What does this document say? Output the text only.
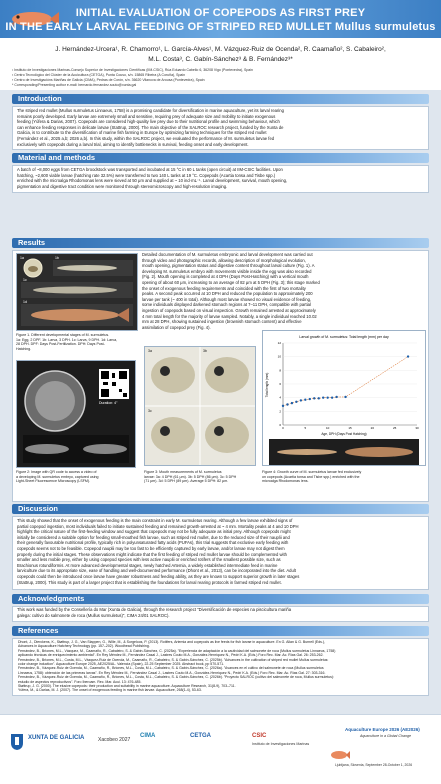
INITIAL EVALUATION OF COPEPODS AS FIRST PREY
IN THE EARLY LARVAL FEEDING OF STRIPED RED MULLET Mullus surmuletus
J. Hernández-Urcera¹, R. Chamorro¹, L. García-Alves¹, M. Vázquez-Ruiz de Ocenda², R. Caamaño², S. Cabaleiro²,
M.L. Costa³, C. Gabín-Sánchez³ & B. Fernández³*
¹ Instituto de Investigaciones Marinas-Consejo Superior de Investigaciones Científicas (IIM-CSIC), Rúa Eduardo Cabello 6, 36208 Vigo (Pontevedra), Spain
² Centro Tecnológico del Clúster de la Acuicultura (CETGA), Punta Couso, s/n. 15865 Ribeira (A Coruña), Spain
³ Centro de Investigacións Mariñas de Galicia (CIMA), Pedras de Corón, s/n. 36620 Vilanova de Arousa (Pontevedra), Spain
* Corresponding/Presenting author e-mail: bernardo.fernandez.souto@xunta.gal
Introduction
The striped red mullet (Mullus surmuletus Linnaeus, 1758) is a promising candidate for diversification in marine aquaculture, yet its larval rearing
remains poorly developed. Early larvae are extremely small and sensitive, requiring prey of adequate size and mobility to initiate exogenous
feeding (Yúfera & Darias, 2007). Copepods are considered high-quality live prey due to their nutritional profile and swimming behaviour, which
can enhance feeding responses in delicate larvae (Stattrup, 2000). The main objective of the SALROC research project, funded by the Xunta de
Galicia, is to contribute to the diversification of marine fish farming in Europe by optimizing farming techniques for the striped red mullet
(Fernández et al., 2025 a,b; 2026 a,b). In this study, within the SALROC project, we evaluated the performance of M. surmuletus larvae fed
exclusively with copepods during a larval trial, aiming to identify bottlenecks in survival, feeding onset and early development.
Material and methods
A batch of ~8,000 eggs from CETGA broodstock was transported and incubated at 15 °C in 60 L tanks (open circuit) at IIM-CSIC facilities. Upon
hatching, ~2,600 viable larvae (hatching rate 32.5%) were transferred to two 140 L tanks at 19 °C. Copepods (Acartia tonsa and Tisbe spp.)
enriched with the microalga Rhodomonas lens were sieved at 50 μm and supplied at ~ 10 ind·mL⁻¹. Larval development, survival, mouth opening,
pigmentation and digestive tract condition were monitored through stereomicroscopy and high-resolution imaging.
Results
1a	1b
1c
1d
Figure 1. Different developmental stages of M. surmuletus.
1a: Egg, 2 DPF. 1b: Larva, 3 DPH. 1c: Larva, 9 DPH. 1d: Larva,
28 DPH. DPF: Days Post-Fertilization. DPH: Days Post-
Hatching.
Detailed documentation of M. surmuletus embryonic and larval development was carried out
through video and photographic records, allowing description of morphological evolution,
mouth opening, pigmentation status and digestive content throughout larval culture (Fig. 1). A
developing M. surmuletus embryo with movements visible inside the egg was also recorded
(Fig. 2). Mouth opening is completed at 4 DPH (Days Post-Hatching) with a vertical mouth
opening of about 60 μm, increasing to an average of 82 μm at 5 DPH (Fig. 3); this stage marked
the onset of exogenous feeding requirements and coincided with the first of two mortality
peaks. A second peak occurred at 10 DPH and reduced the population to approximately 200
larvae per tank (~ 400 in total). Although most larvae showed no visual evidence of feeding,
some individuals displayed darkened stomach regions at 7–11 DPH, compatible with partial
ingestion of copepods based on visual inspection. Growth remained arrested at approximately
4 mm total length for the majority of larvae sampled. Notably, a single individual reached 10.02
mm at 28 DPH, showing sustained ingestion (brownish stomach content) and effective
assimilation of copepod prey (Fig. 4).
Duration: 4"
Figure 2: Image with QR code to access a video of
a developing M. surmuletus embryo, captured using
Light-Sheet Fluorescence Microscopy (LSFM).
3a	3b
3c
Figure 3: Mouth measurements of M. surmuletus
larvae: 3a: 4 DPH (61 μm). 3b: 5 DPH (86 μm). 3c: 5 DPH
(71 μm). 3d: 5 DPH (89 μm). Average 5 DPH: 82 μm.
Larval growth of M. surmuletus: Total length (mm) per day
Age, DPH (Days Post Hatching)
Total length (mm)
0
2
4
6
8
10
12
0	5	10	15	20	25	30
Figure 4: Growth curve of M. surmuletus larvae fed exclusively
on copepods (Acartia tonsa and Tisbe spp.) enriched with the
microalga Rhodomonas lens.
Discussion
This study showed that the onset of exogenous feeding is the main constraint in early M. surmuletus rearing. Although a few larvae exhibited signs of
partial copepod ingestion, most individuals failed to initiate sustained feeding and remained growth-arrested at ~ 4 mm. Mortality peaks at 4 and 10 DPH
highlight the critical nature of the first-feeding window and suggest that copepods may not be fully adequate as initial prey. Although copepods might
initially be considered a suitable option for feeding small-mouthed fish larvae, such as striped red mullet, due to the reduced size of their nauplii and
their generally favourable nutritional profile, typically rich in polyunsaturated fatty acids (PUFAs), this trial suggests that exclusive early feeding with
copepods seems not to be feasible. Copepod nauplii may be too fast to be efficiently captured by early larvae, and/or larvae may not digest them
properly during the initial stages. These observations might indicate that the first feeding of striped red mullet larvae should be complemented with
smaller and less mobile prey, either by using copepod species with less active nauplii or enriched rotifers of the smallest possible size, such as
Brachionus rotundiformis. At more advanced developmental stages, newly hatched Artemia, a widely established intermediate feed in marine
larviculture due to its appropriate size, ease of handling and well-documented performance (Dhont et al., 2013), can be incorporated into the diet. Adult
copepods could then be introduced once larvae have greater robustness and feeding ability, as they are known to support superior growth in later stages
(Stattrup, 2000). This study is part of a larger project that is establishing the foundations for larval rearing protocols in farmed striped red mullet.
Acknowledgments
This work was funded by the Consellería do Mar (Xunta de Galicia), through the research project "Diversificación de especies na piscicultura mariña
galega: cultivo do salmonete de roca (Mullus surmuletus)", CIMA 24/01 SALROC).
References
Dhont, J., Dierckens, K., Støttrup, J. G., Van Stappen, G., Wille, M., & Sorgeloos, P. (2013). Rotifers, Artemia and copepods as live feeds for fish larvae in aquaculture. En G. Allan & G. Burnell (Eds.),
Advances in Aquaculture Hatchery Technology (pp. 157–202). Woodhead Publishing.
Fernández, B., Briones, M.L., Vázquez, M., Caamaño, R., Cabaleiro, S. & Gabín-Sánchez, C. (2025a). "Experiencia de adaptación a la cautividad del salmonete de roca (Mullus surmuletus Linnaeus, 1758)
aplicando técnicas de enriquecimiento ambiental". En Rey Méndez M., Fernández Casal J., Lastres Couto M.A., González-Henríquez N., Pedrí K.A. (Eds.) Foro Rec. Mar. Ac. Rías Gal. 26: 253-262.
Fernández, B., Briones, M.L., Costa, M.L., Vázquez-Ruiz de Ocenda, M., Caamaño, R., Cabaleiro, S. & Gabín-Sánchez, C. (2025b). "Advances in the cultivation of striped red mullet Mullus surmuletus:
color change induction". Aquaculture Europe 2025, AE2025/AL. Valencia (Spain), 22-25 September 2025. Abstract book, pp 570-571.
Fernández, B., Vázquez-Ruiz de Ocenda, M., Caamaño, R., Briones, M.L., Costa, M.L., Cabaleiro, S. & Gabín-Sánchez, C. (2026a). "Avances en el cultivo del salmonete de roca (Mullus surmuletus
Linnaeus, 1758): obtención de las primeras larvas". En Rey Méndez M., Fernández Casal J., Lastres Couto M.A., González-Henríquez N., Pedrí K.A. (Eds.) Foro Rec. Mar. Ac. Rías Gal. 27: 303-316.
Fernández, B., Vázquez-Ruiz de Ocenda, M., Caamaño, R., Briones, M.L., Costa, M.L., Cabaleiro, S. & Gabín-Sánchez, C. (2026b). "Proyecto SALROC (cultivo del salmonete de roca, Mullus surmuletus):
estudio de aspectos reproductivos". Foro Iberoam. Rec. Mar. Acui. 13: 476-485.
Støttrup, J. G. (2000). The elusive copepods: their production and suitability in marine aquaculture. Aquaculture Research, 31(8-9), 703–711.
Yúfera, M., & Darias, M. J. (2007). The onset of exogenous feeding in marine fish larvae. Aquaculture, 268(1-4), 53-63.
XUNTA DE GALICIA	Xacobeo 2027
CIMA	CETGA	CSIC
Instituto de Investigaciones Marinas
Aquaculture Europe 2026 (AE2026)
Aquaculture in a Global Change
Ljubljana, Slovenia, September 28-October 1, 2026
